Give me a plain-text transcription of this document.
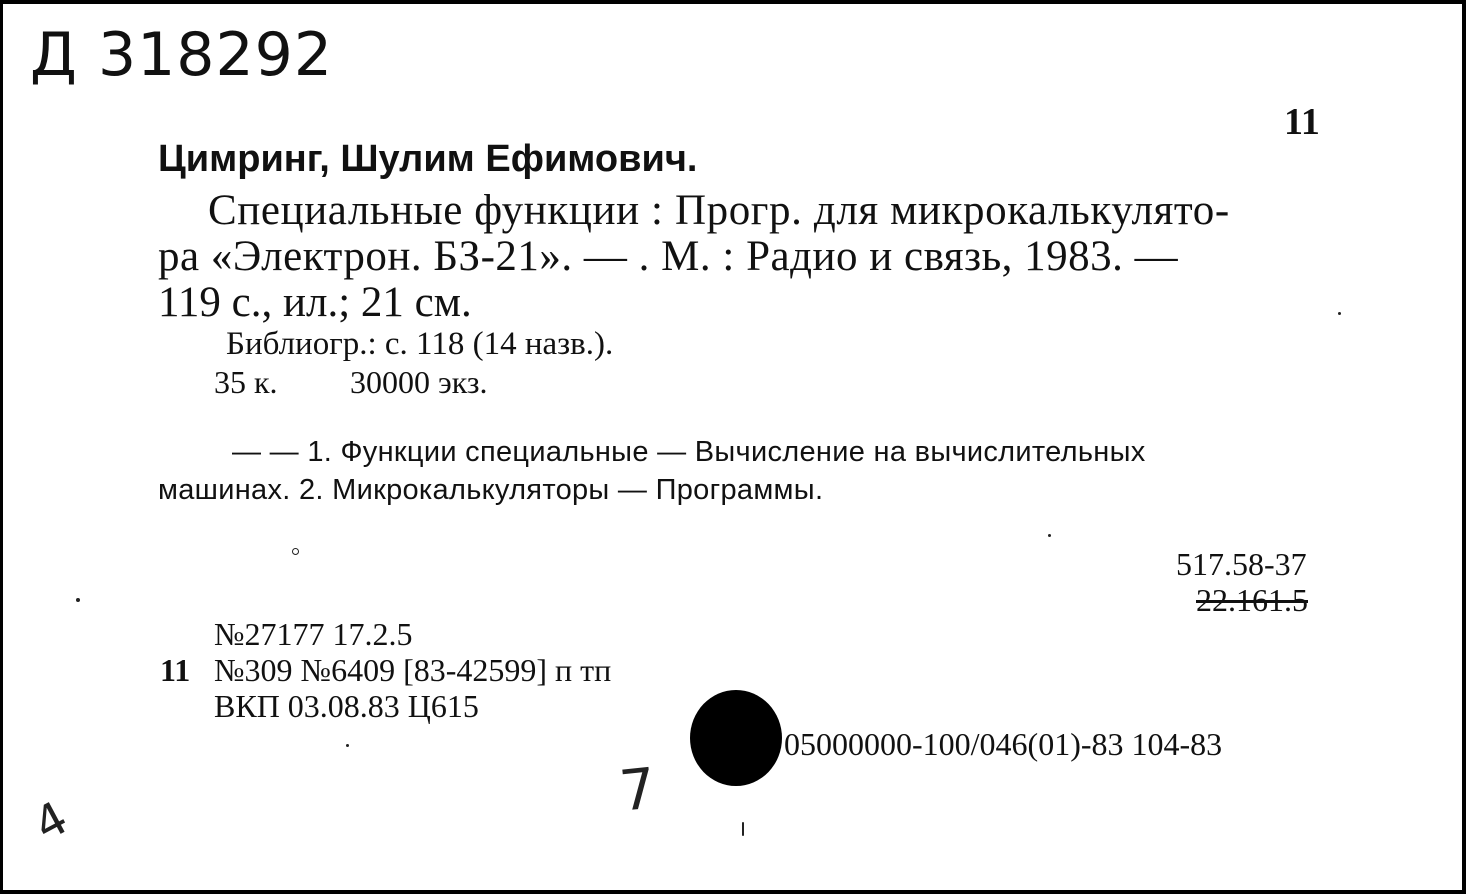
Д 318292
11
Цимринг, Шулим Ефимович.
Специальные функции : Прогр. для микрокалькулято-
ра «Электрон. БЗ-21». — . М. : Радио и связь, 1983. —
119 с., ил.; 21 см.
Библиогр.: с. 118 (14 назв.).
35 к. 30000 экз.
— — 1. Функции специальные — Вычисление на вычислительных
машинах. 2. Микрокалькуляторы — Программы.
517.58-37
22.161.5
№27177 17.2.5
11 №309 №6409 [83-42599] п тп
ВКП 03.08.83 Ц615
05000000-100/046(01)-83 104-83
7
4
